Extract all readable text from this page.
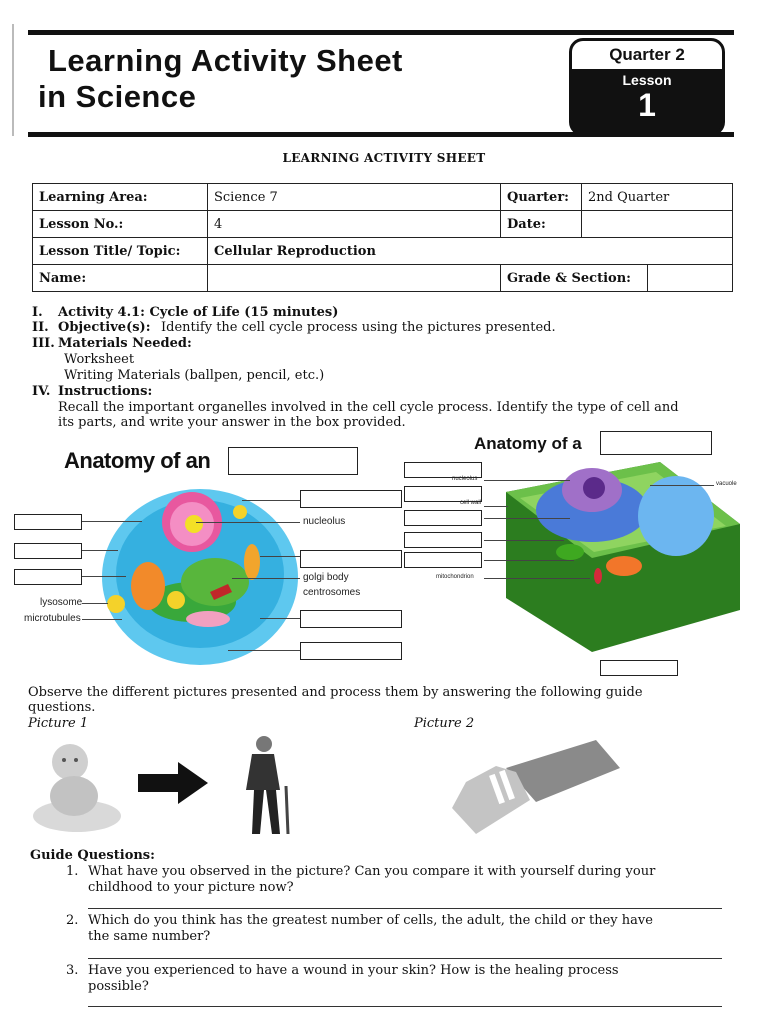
Learning Activity Sheet
in Science
Quarter 2
Lesson
1
LEARNING ACTIVITY SHEET
Learning Area:	Science 7	Quarter:	2nd Quarter	
Lesson No.:	4	Date:		
Lesson Title/ Topic:	Cellular Reproduction			
Name:		Grade & Section:		
I. Activity 4.1: Cycle of Life (15 minutes)
II. Objective(s): Identify the cell cycle process using the pictures presented.
III. Materials Needed:
Worksheet
Writing Materials (ballpen, pencil, etc.)
IV. Instructions:
Recall the important organelles involved in the cell cycle process. Identify the type of cell and
its parts, and write your answer in the box provided.
Anatomy of an
nucleolus
golgi body
centrosomes
lysosome
microtubules
Anatomy of a
nucleolus
cell wall
mitochondrion
vacuole
Observe the different pictures presented and process them by answering the following guide
questions.
Picture 1	Picture 2
Guide Questions:
1. What have you observed in the picture? Can you compare it with yourself during your
childhood to your picture now?
2. Which do you think has the greatest number of cells, the adult, the child or they have
the same number?
3. Have you experienced to have a wound in your skin? How is the healing process
possible?
